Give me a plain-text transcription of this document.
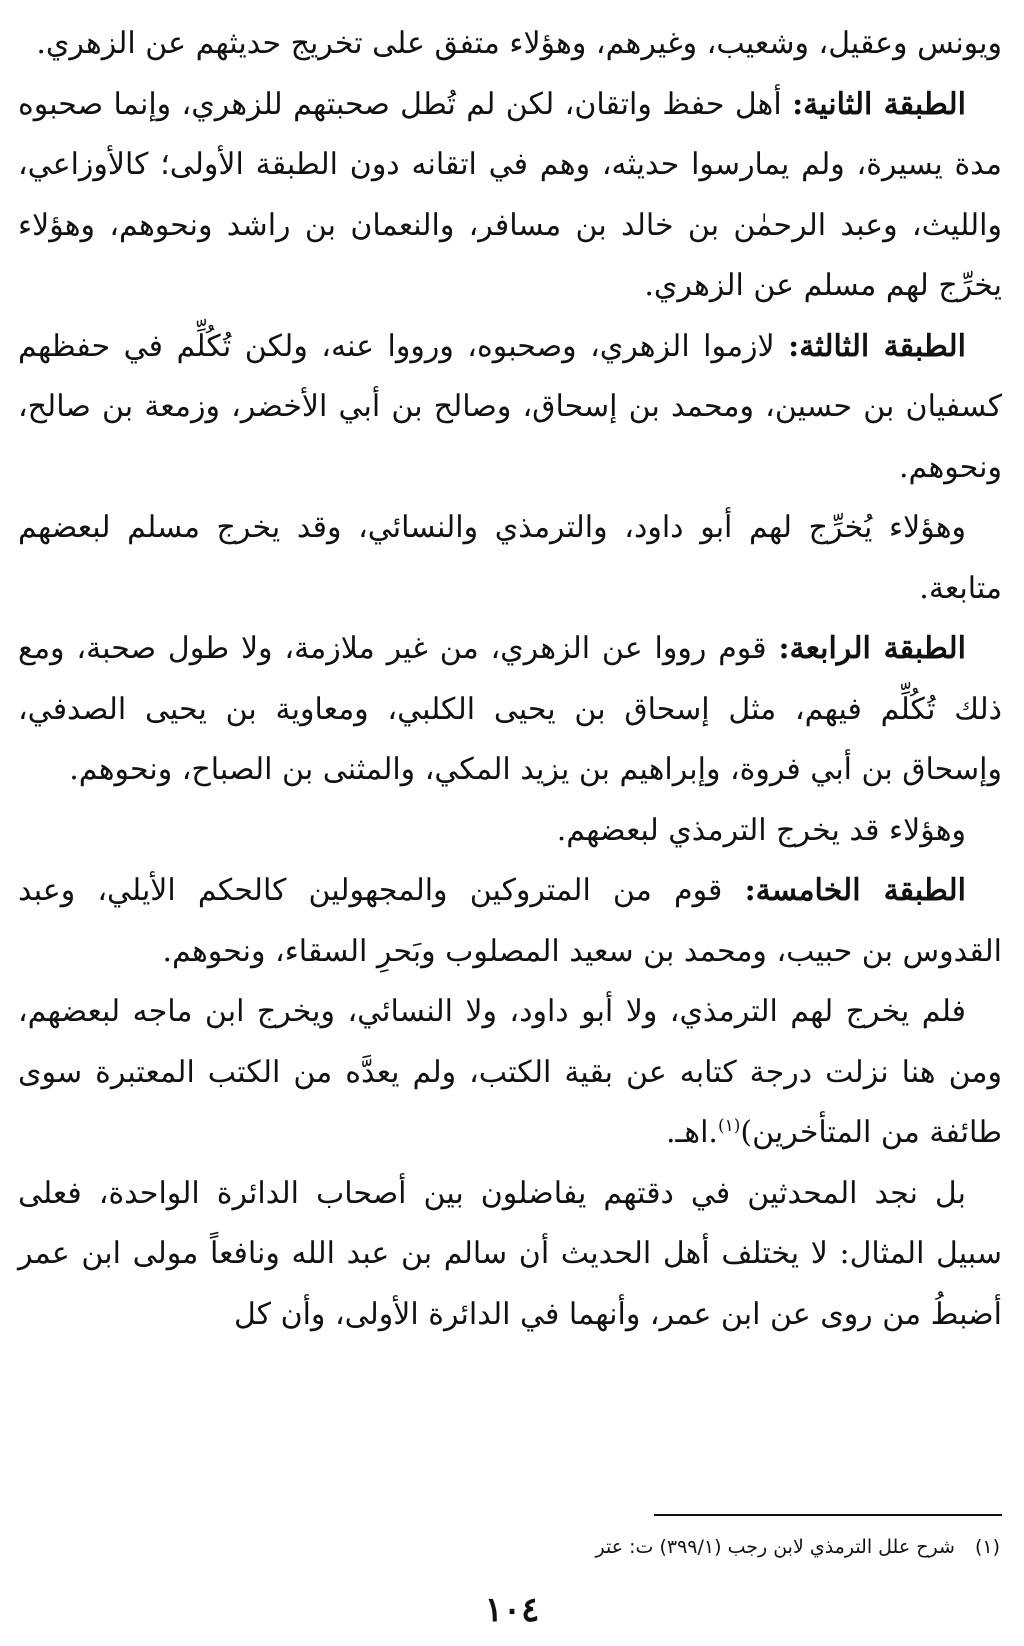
ويونس وعقيل، وشعيب، وغيرهم، وهؤلاء متفق على تخريج حديثهم عن الزهري.

الطبقة الثانية: أهل حفظ واتقان، لكن لم تُطل صحبتهم للزهري، وإنما صحبوه مدة يسيرة، ولم يمارسوا حديثه، وهم في اتقانه دون الطبقة الأولى؛ كالأوزاعي، والليث، وعبد الرحمٰن بن خالد بن مسافر، والنعمان بن راشد ونحوهم، وهؤلاء يخرِّج لهم مسلم عن الزهري.

الطبقة الثالثة: لازموا الزهري، وصحبوه، ورووا عنه، ولكن تُكُلِّم في حفظهم كسفيان بن حسين، ومحمد بن إسحاق، وصالح بن أبي الأخضر، وزمعة بن صالح، ونحوهم.

وهؤلاء يُخرِّج لهم أبو داود، والترمذي والنسائي، وقد يخرج مسلم لبعضهم متابعة.

الطبقة الرابعة: قوم رووا عن الزهري، من غير ملازمة، ولا طول صحبة، ومع ذلك تُكُلِّم فيهم، مثل إسحاق بن يحيى الكلبي، ومعاوية بن يحيى الصدفي، وإسحاق بن أبي فروة، وإبراهيم بن يزيد المكي، والمثنى بن الصباح، ونحوهم.

وهؤلاء قد يخرج الترمذي لبعضهم.

الطبقة الخامسة: قوم من المتروكين والمجهولين كالحكم الأيلي، وعبد القدوس بن حبيب، ومحمد بن سعيد المصلوب وبَحرِ السقاء، ونحوهم.

فلم يخرج لهم الترمذي، ولا أبو داود، ولا النسائي، ويخرج ابن ماجه لبعضهم، ومن هنا نزلت درجة كتابه عن بقية الكتب، ولم يعدَّه من الكتب المعتبرة سوى طائفة من المتأخرين)$^{(١)}$.اهـ.

بل نجد المحدثين في دقتهم يفاضلون بين أصحاب الدائرة الواحدة، فعلى سبيل المثال: لا يختلف أهل الحديث أن سالم بن عبد الله ونافعاً مولى ابن عمر أضبطُ من روى عن ابن عمر، وأنهما في الدائرة الأولى، وأن كل

(١) شرح علل الترمذي لابن رجب (٣٩٩/١) ت: عتر
١٠٤
